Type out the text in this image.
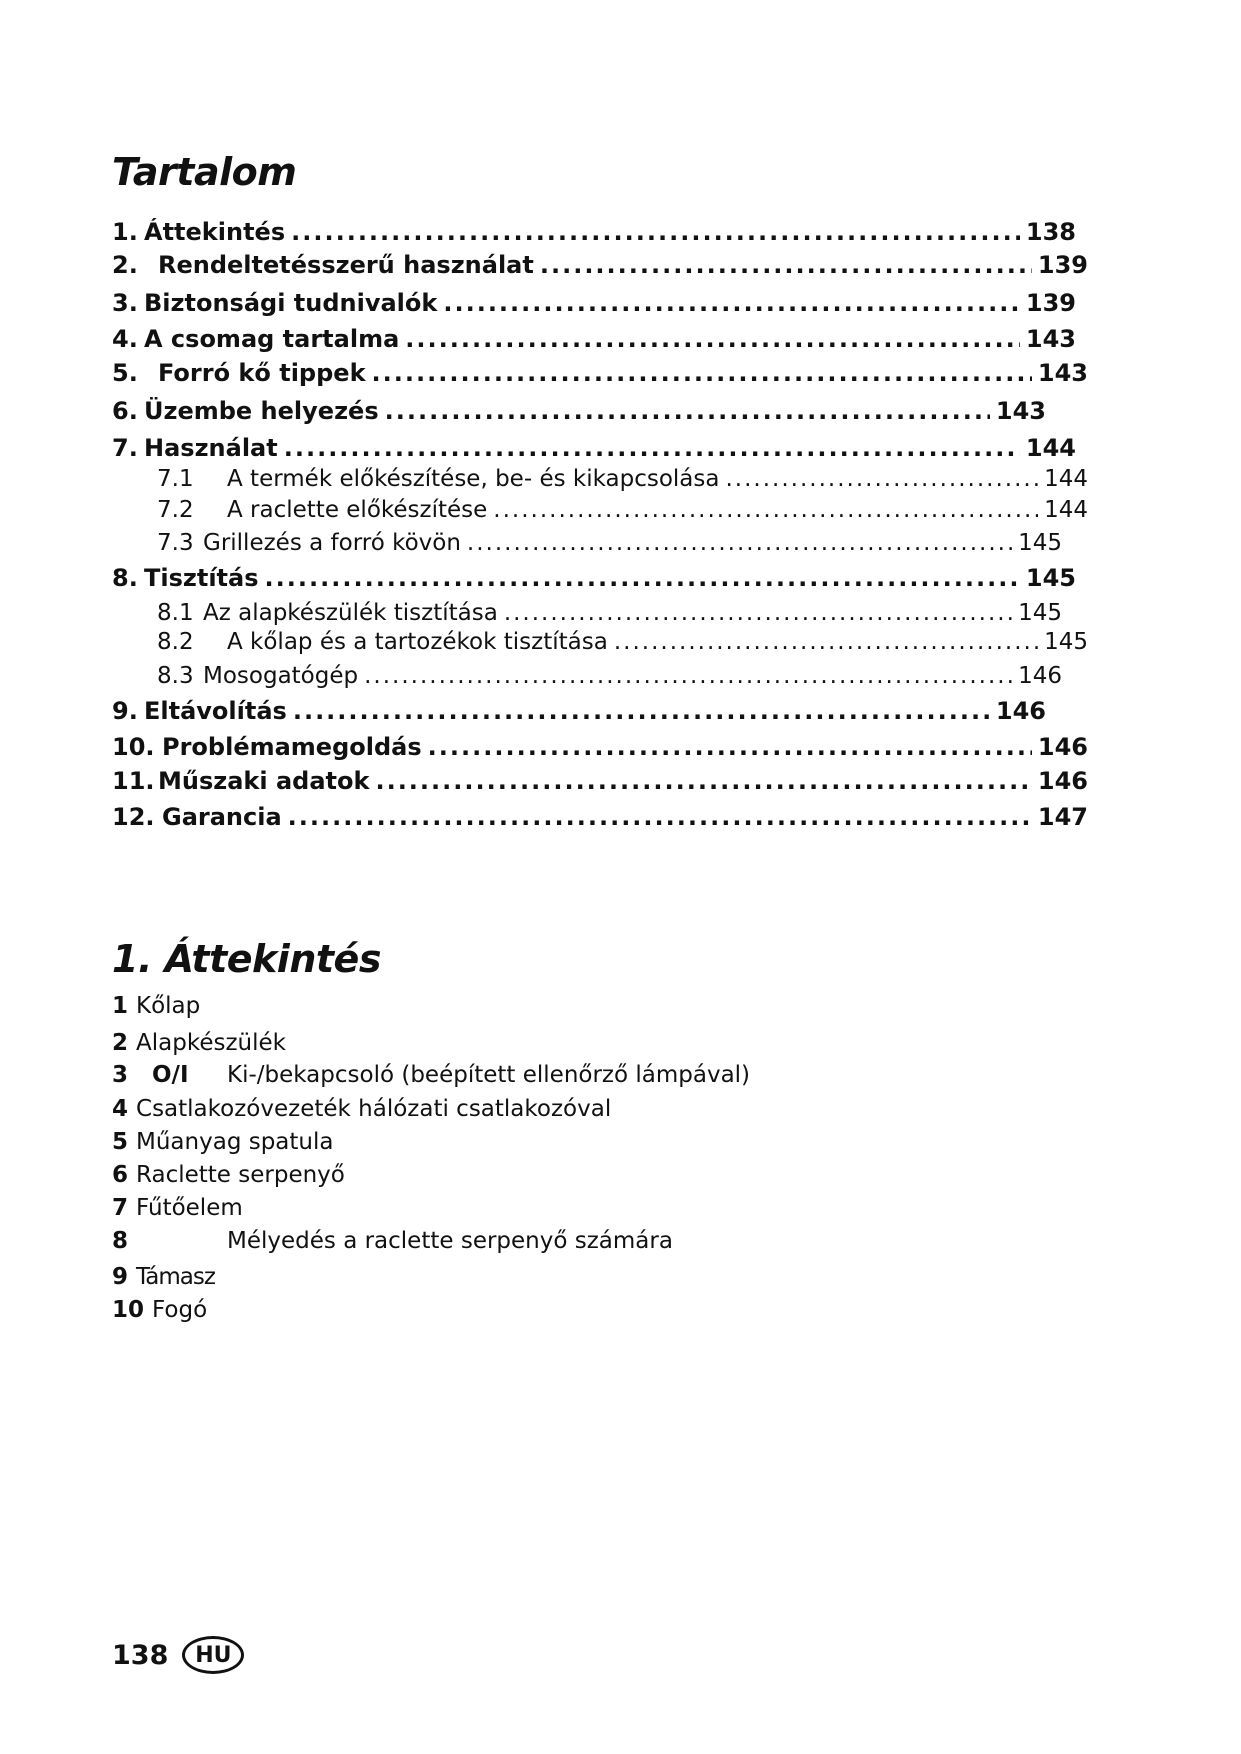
Tartalom
1. Áttekintés .....	138
2. Rendeltetésszerű használat .....	139
3. Biztonsági tudnivalók .....	139
4. A csomag tartalma .....	143
5. Forró kő tippek .....	143
6. Üzembe helyezés .....	143
7. Használat .....	144
7.1	A termék előkészítése, be- és kikapcsolása .....	144
7.2	A raclette előkészítése .....	144
7.3 Grillezés a forró kövön .....	145
8. Tisztítás .....	145
8.1 Az alapkészülék tisztítása .....	145
8.2	A kőlap és a tartozékok tisztítása .....	145
8.3 Mosogatógép .....	146
9. Eltávolítás .....	146
10. Problémamegoldás .....	146
11. Műszaki adatok .....	146
12. Garancia .....	147
1. Áttekintés
1 Kőlap
2 Alapkészülék
3 O/I Ki-/bekapcsoló (beépített ellenőrző lámpával)
4 Csatlakozóvezeték hálózati csatlakozóval
5 Műanyag spatula
6 Raclette serpenyő
7 Fűtőelem
8	Mélyedés a raclette serpenyő számára
9 Támasz
10 Fogó
138	HU
